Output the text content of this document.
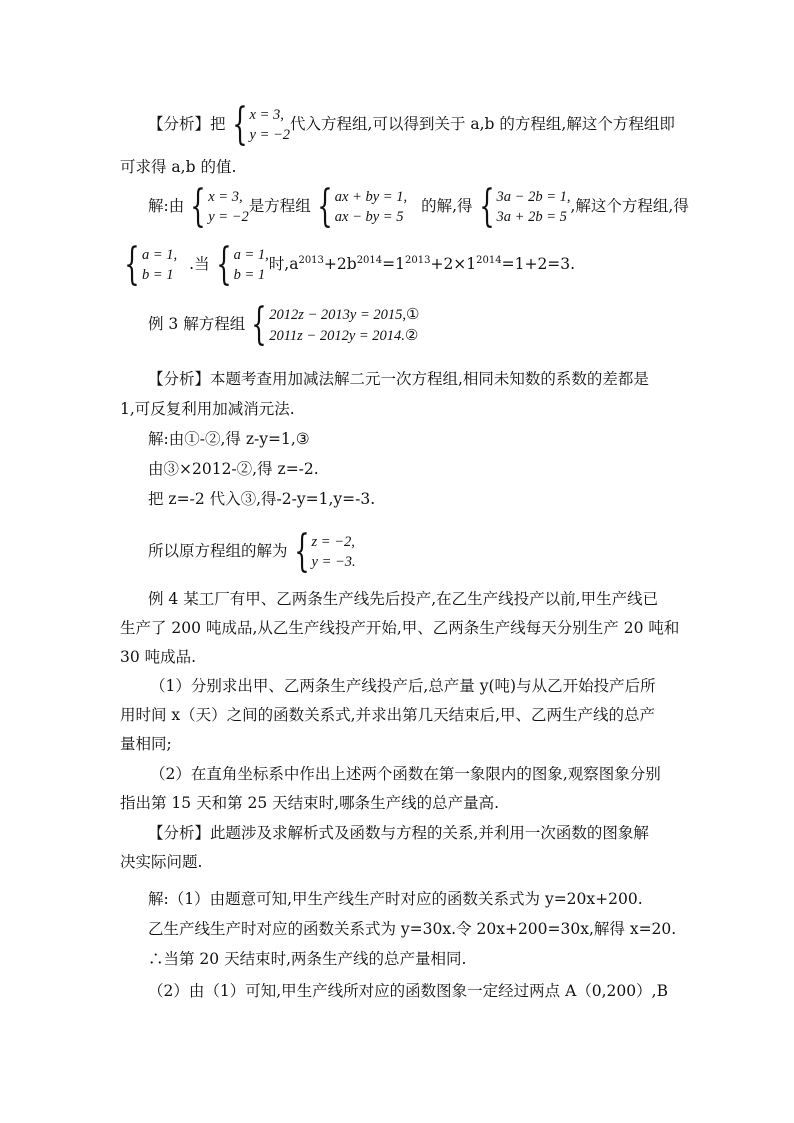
【分析】把 { x = 3,
y = −2
代入方程组,可以得到关于 a,b 的方程组,解这个方程组即
可求得 a,b 的值.
解:由 { x = 3,
y = −2
是方程组 { ax + by = 1,
ax − by = 5
的解,得 { 3a − 2b = 1,
3a + 2b = 5
,解这个方程组,得
{ a = 1,
b = 1
.当 { a = 1,
b = 1
时$,a^{2013}+2b^{2014}=1^{2013}+2\times 1^{2014}=1+2=3$.
例 3 解方程组 { 2012z − 2013y = 2015,①
2011z − 2012y = 2014.②
【分析】本题考查用加减法解二元一次方程组,相同未知数的系数的差都是
1,可反复利用加减消元法.
解:由①-②,得 z-y=1,③
由③×2012-②,得 z=-2.
把 z=-2 代入③,得-2-y=1,y=-3.
所以原方程组的解为 { z = −2,
y = −3.
例 4 某工厂有甲、乙两条生产线先后投产,在乙生产线投产以前,甲生产线已
生产了 200 吨成品,从乙生产线投产开始,甲、乙两条生产线每天分别生产 20 吨和
30 吨成品.
（1）分别求出甲、乙两条生产线投产后,总产量 y(吨)与从乙开始投产后所
用时间 x（天）之间的函数关系式,并求出第几天结束后,甲、乙两生产线的总产
量相同;
（2）在直角坐标系中作出上述两个函数在第一象限内的图象,观察图象分别
指出第 15 天和第 25 天结束时,哪条生产线的总产量高.
【分析】此题涉及求解析式及函数与方程的关系,并利用一次函数的图象解
决实际问题.
解:（1）由题意可知,甲生产线生产时对应的函数关系式为 y=20x+200.
乙生产线生产时对应的函数关系式为 y=30x.令 20x+200=30x,解得 x=20.
∴当第 20 天结束时,两条生产线的总产量相同.
（2）由（1）可知,甲生产线所对应的函数图象一定经过两点 A（0,200）,B
